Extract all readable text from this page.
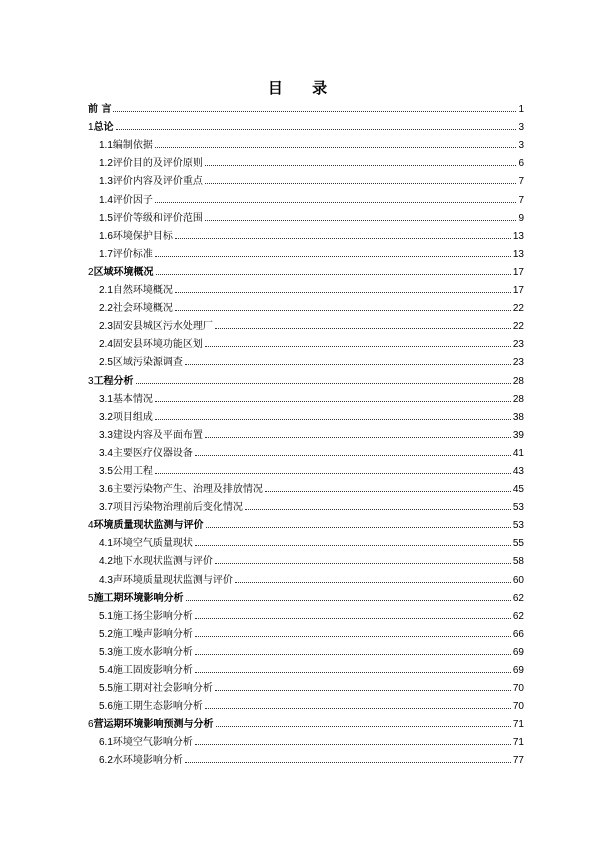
目 录
前 言	1
1 总论	3
1.1 编制依据	3
1.2 评价目的及评价原则	6
1.3 评价内容及评价重点	7
1.4 评价因子	7
1.5 评价等级和评价范围	9
1.6 环境保护目标	13
1.7 评价标准	13
2 区域环境概况	17
2.1 自然环境概况	17
2.2 社会环境概况	22
2.3 固安县城区污水处理厂	22
2.4 固安县环境功能区划	23
2.5 区域污染源调查	23
3 工程分析	28
3.1 基本情况	28
3.2 项目组成	38
3.3 建设内容及平面布置	39
3.4 主要医疗仪器设备	41
3.5 公用工程	43
3.6 主要污染物产生、治理及排放情况	45
3.7 项目污染物治理前后变化情况	53
4 环境质量现状监测与评价	53
4.1 环境空气质量现状	55
4.2 地下水现状监测与评价	58
4.3 声环境质量现状监测与评价	60
5 施工期环境影响分析	62
5.1 施工扬尘影响分析	62
5.2 施工噪声影响分析	66
5.3 施工废水影响分析	69
5.4 施工固废影响分析	69
5.5 施工期对社会影响分析	70
5.6 施工期生态影响分析	70
6 营运期环境影响预测与分析	71
6.1 环境空气影响分析	71
6.2 水环境影响分析	77
